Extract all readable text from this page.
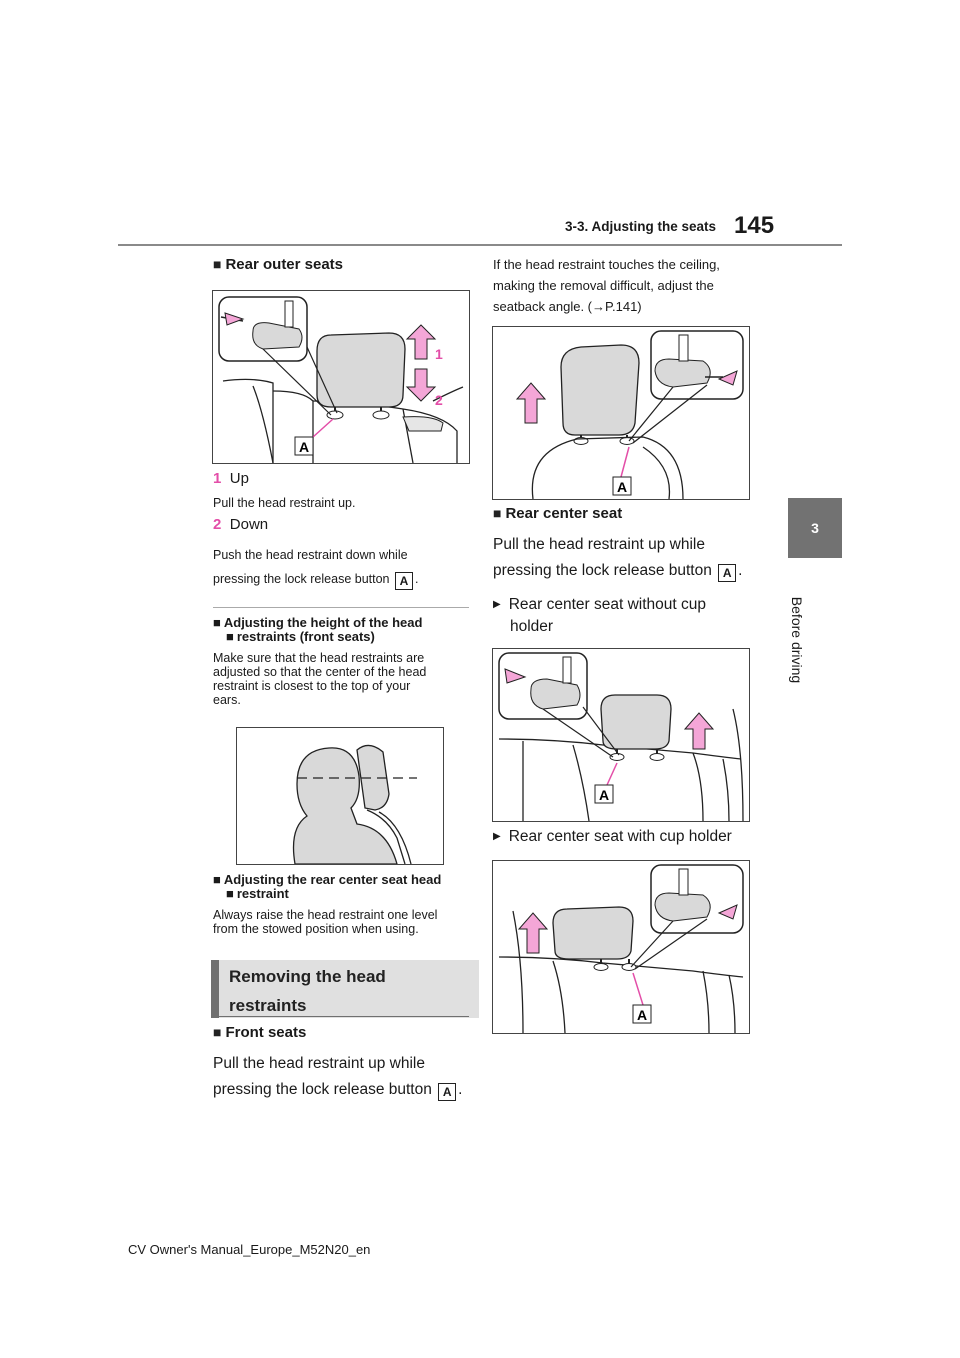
145
3-3. Adjusting the seats
3
Before driving
■ Rear outer seats
1
2
A
1 Up
Pull the head restraint up.
2 Down
Push the head restraint down while
pressing the lock release button A .
■ Adjusting the height of the head
■ restraints (front seats)
Make sure that the head restraints are
adjusted so that the center of the head
restraint is closest to the top of your
ears.
■ Adjusting the rear center seat head
■ restraint
Always raise the head restraint one level
from the stowed position when using.
Removing the head
restraints
■ Front seats
Pull the head restraint up while
pressing the lock release button A .
If the head restraint touches the ceiling,
making the removal difficult, adjust the
seatback angle. (→P.141)
A
■ Rear center seat
Pull the head restraint up while
pressing the lock release button A .
▶ Rear center seat without cup
holder
A
▶ Rear center seat with cup holder
A
CV Owner's Manual_Europe_M52N20_en
